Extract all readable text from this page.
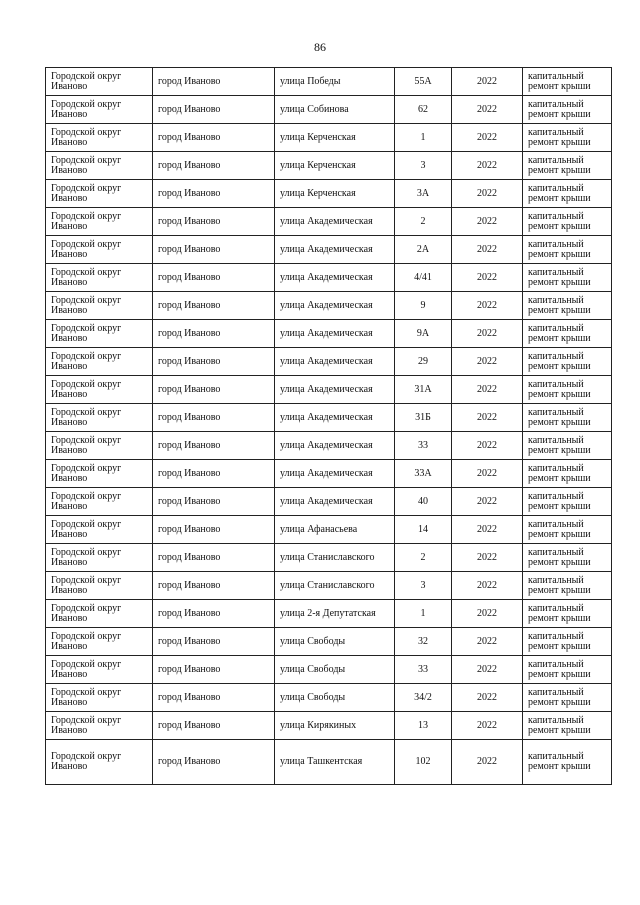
86
Городской округ Иваново	город Иваново	улица Победы	55А	2022	капитальный ремонт крыши
Городской округ Иваново	город Иваново	улица Собинова	62	2022	капитальный ремонт крыши
Городской округ Иваново	город Иваново	улица Керченская	1	2022	капитальный ремонт крыши
Городской округ Иваново	город Иваново	улица Керченская	3	2022	капитальный ремонт крыши
Городской округ Иваново	город Иваново	улица Керченская	3А	2022	капитальный ремонт крыши
Городской округ Иваново	город Иваново	улица Академическая	2	2022	капитальный ремонт крыши
Городской округ Иваново	город Иваново	улица Академическая	2А	2022	капитальный ремонт крыши
Городской округ Иваново	город Иваново	улица Академическая	4/41	2022	капитальный ремонт крыши
Городской округ Иваново	город Иваново	улица Академическая	9	2022	капитальный ремонт крыши
Городской округ Иваново	город Иваново	улица Академическая	9А	2022	капитальный ремонт крыши
Городской округ Иваново	город Иваново	улица Академическая	29	2022	капитальный ремонт крыши
Городской округ Иваново	город Иваново	улица Академическая	31А	2022	капитальный ремонт крыши
Городской округ Иваново	город Иваново	улица Академическая	31Б	2022	капитальный ремонт крыши
Городской округ Иваново	город Иваново	улица Академическая	33	2022	капитальный ремонт крыши
Городской округ Иваново	город Иваново	улица Академическая	33А	2022	капитальный ремонт крыши
Городской округ Иваново	город Иваново	улица Академическая	40	2022	капитальный ремонт крыши
Городской округ Иваново	город Иваново	улица Афанасьева	14	2022	капитальный ремонт крыши
Городской округ Иваново	город Иваново	улица Станиславского	2	2022	капитальный ремонт крыши
Городской округ Иваново	город Иваново	улица Станиславского	3	2022	капитальный ремонт крыши
Городской округ Иваново	город Иваново	улица 2-я Депутатская	1	2022	капитальный ремонт крыши
Городской округ Иваново	город Иваново	улица Свободы	32	2022	капитальный ремонт крыши
Городской округ Иваново	город Иваново	улица Свободы	33	2022	капитальный ремонт крыши
Городской округ Иваново	город Иваново	улица Свободы	34/2	2022	капитальный ремонт крыши
Городской округ Иваново	город Иваново	улица Кирякиных	13	2022	капитальный ремонт крыши
Городской округ Иваново	город Иваново	улица Ташкентская	102	2022	капитальный ремонт крыши
